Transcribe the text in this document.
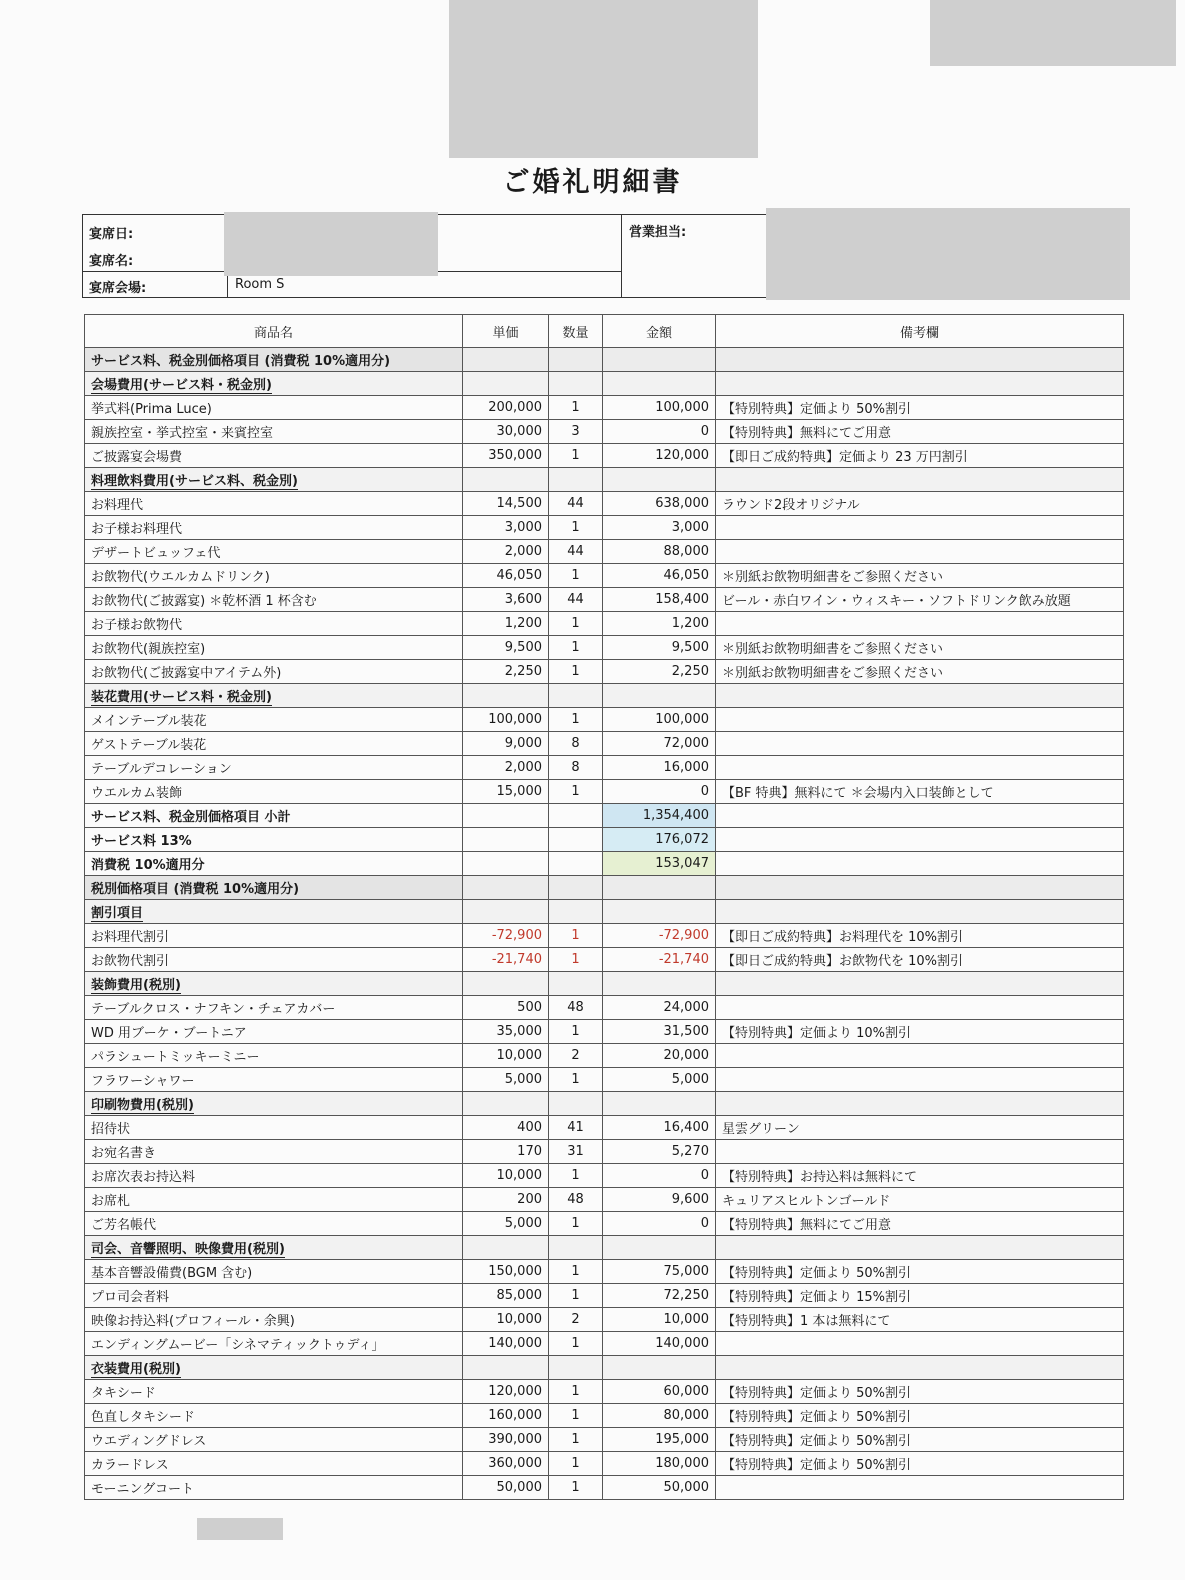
ご婚礼明細書
宴席日:
宴席名:
宴席会場:	Room S
営業担当:
商品名	単価	数量	金額	備考欄
サービス料、税金別価格項目 (消費税 10%適用分)				
会場費用(サービス料・税金別)				
挙式料(Prima Luce)	200,000	1	100,000	【特別特典】定価より 50%割引
親族控室・挙式控室・来賓控室	30,000	3	0	【特別特典】無料にてご用意
ご披露宴会場費	350,000	1	120,000	【即日ご成約特典】定価より 23 万円割引
料理飲料費用(サービス料、税金別)				
お料理代	14,500	44	638,000	ラウンド2段オリジナル
お子様お料理代	3,000	1	3,000	
デザートビュッフェ代	2,000	44	88,000	
お飲物代(ウエルカムドリンク)	46,050	1	46,050	＊別紙お飲物明細書をご参照ください
お飲物代(ご披露宴) ＊乾杯酒 1 杯含む	3,600	44	158,400	ビール・赤白ワイン・ウィスキー・ソフトドリンク飲み放題
お子様お飲物代	1,200	1	1,200	
お飲物代(親族控室)	9,500	1	9,500	＊別紙お飲物明細書をご参照ください
お飲物代(ご披露宴中アイテム外)	2,250	1	2,250	＊別紙お飲物明細書をご参照ください
装花費用(サービス料・税金別)				
メインテーブル装花	100,000	1	100,000	
ゲストテーブル装花	9,000	8	72,000	
テーブルデコレーション	2,000	8	16,000	
ウエルカム装飾	15,000	1	0	【BF 特典】無料にて ＊会場内入口装飾として
サービス料、税金別価格項目 小計			1,354,400	
サービス料 13%			176,072	
消費税 10%適用分			153,047	
税別価格項目 (消費税 10%適用分)				
割引項目				
お料理代割引	-72,900	1	-72,900	【即日ご成約特典】お料理代を 10%割引
お飲物代割引	-21,740	1	-21,740	【即日ご成約特典】お飲物代を 10%割引
装飾費用(税別)				
テーブルクロス・ナフキン・チェアカバー	500	48	24,000	
WD 用ブーケ・ブートニア	35,000	1	31,500	【特別特典】定価より 10%割引
パラシュートミッキーミニー	10,000	2	20,000	
フラワーシャワー	5,000	1	5,000	
印刷物費用(税別)				
招待状	400	41	16,400	星雲グリーン
お宛名書き	170	31	5,270	
お席次表お持込料	10,000	1	0	【特別特典】お持込料は無料にて
お席札	200	48	9,600	キュリアスヒルトンゴールド
ご芳名帳代	5,000	1	0	【特別特典】無料にてご用意
司会、音響照明、映像費用(税別)				
基本音響設備費(BGM 含む)	150,000	1	75,000	【特別特典】定価より 50%割引
プロ司会者料	85,000	1	72,250	【特別特典】定価より 15%割引
映像お持込料(プロフィール・余興)	10,000	2	10,000	【特別特典】1 本は無料にて
エンディングムービー「シネマティックトゥディ」	140,000	1	140,000	
衣装費用(税別)				
タキシード	120,000	1	60,000	【特別特典】定価より 50%割引
色直しタキシード	160,000	1	80,000	【特別特典】定価より 50%割引
ウエディングドレス	390,000	1	195,000	【特別特典】定価より 50%割引
カラードレス	360,000	1	180,000	【特別特典】定価より 50%割引
モーニングコート	50,000	1	50,000	
